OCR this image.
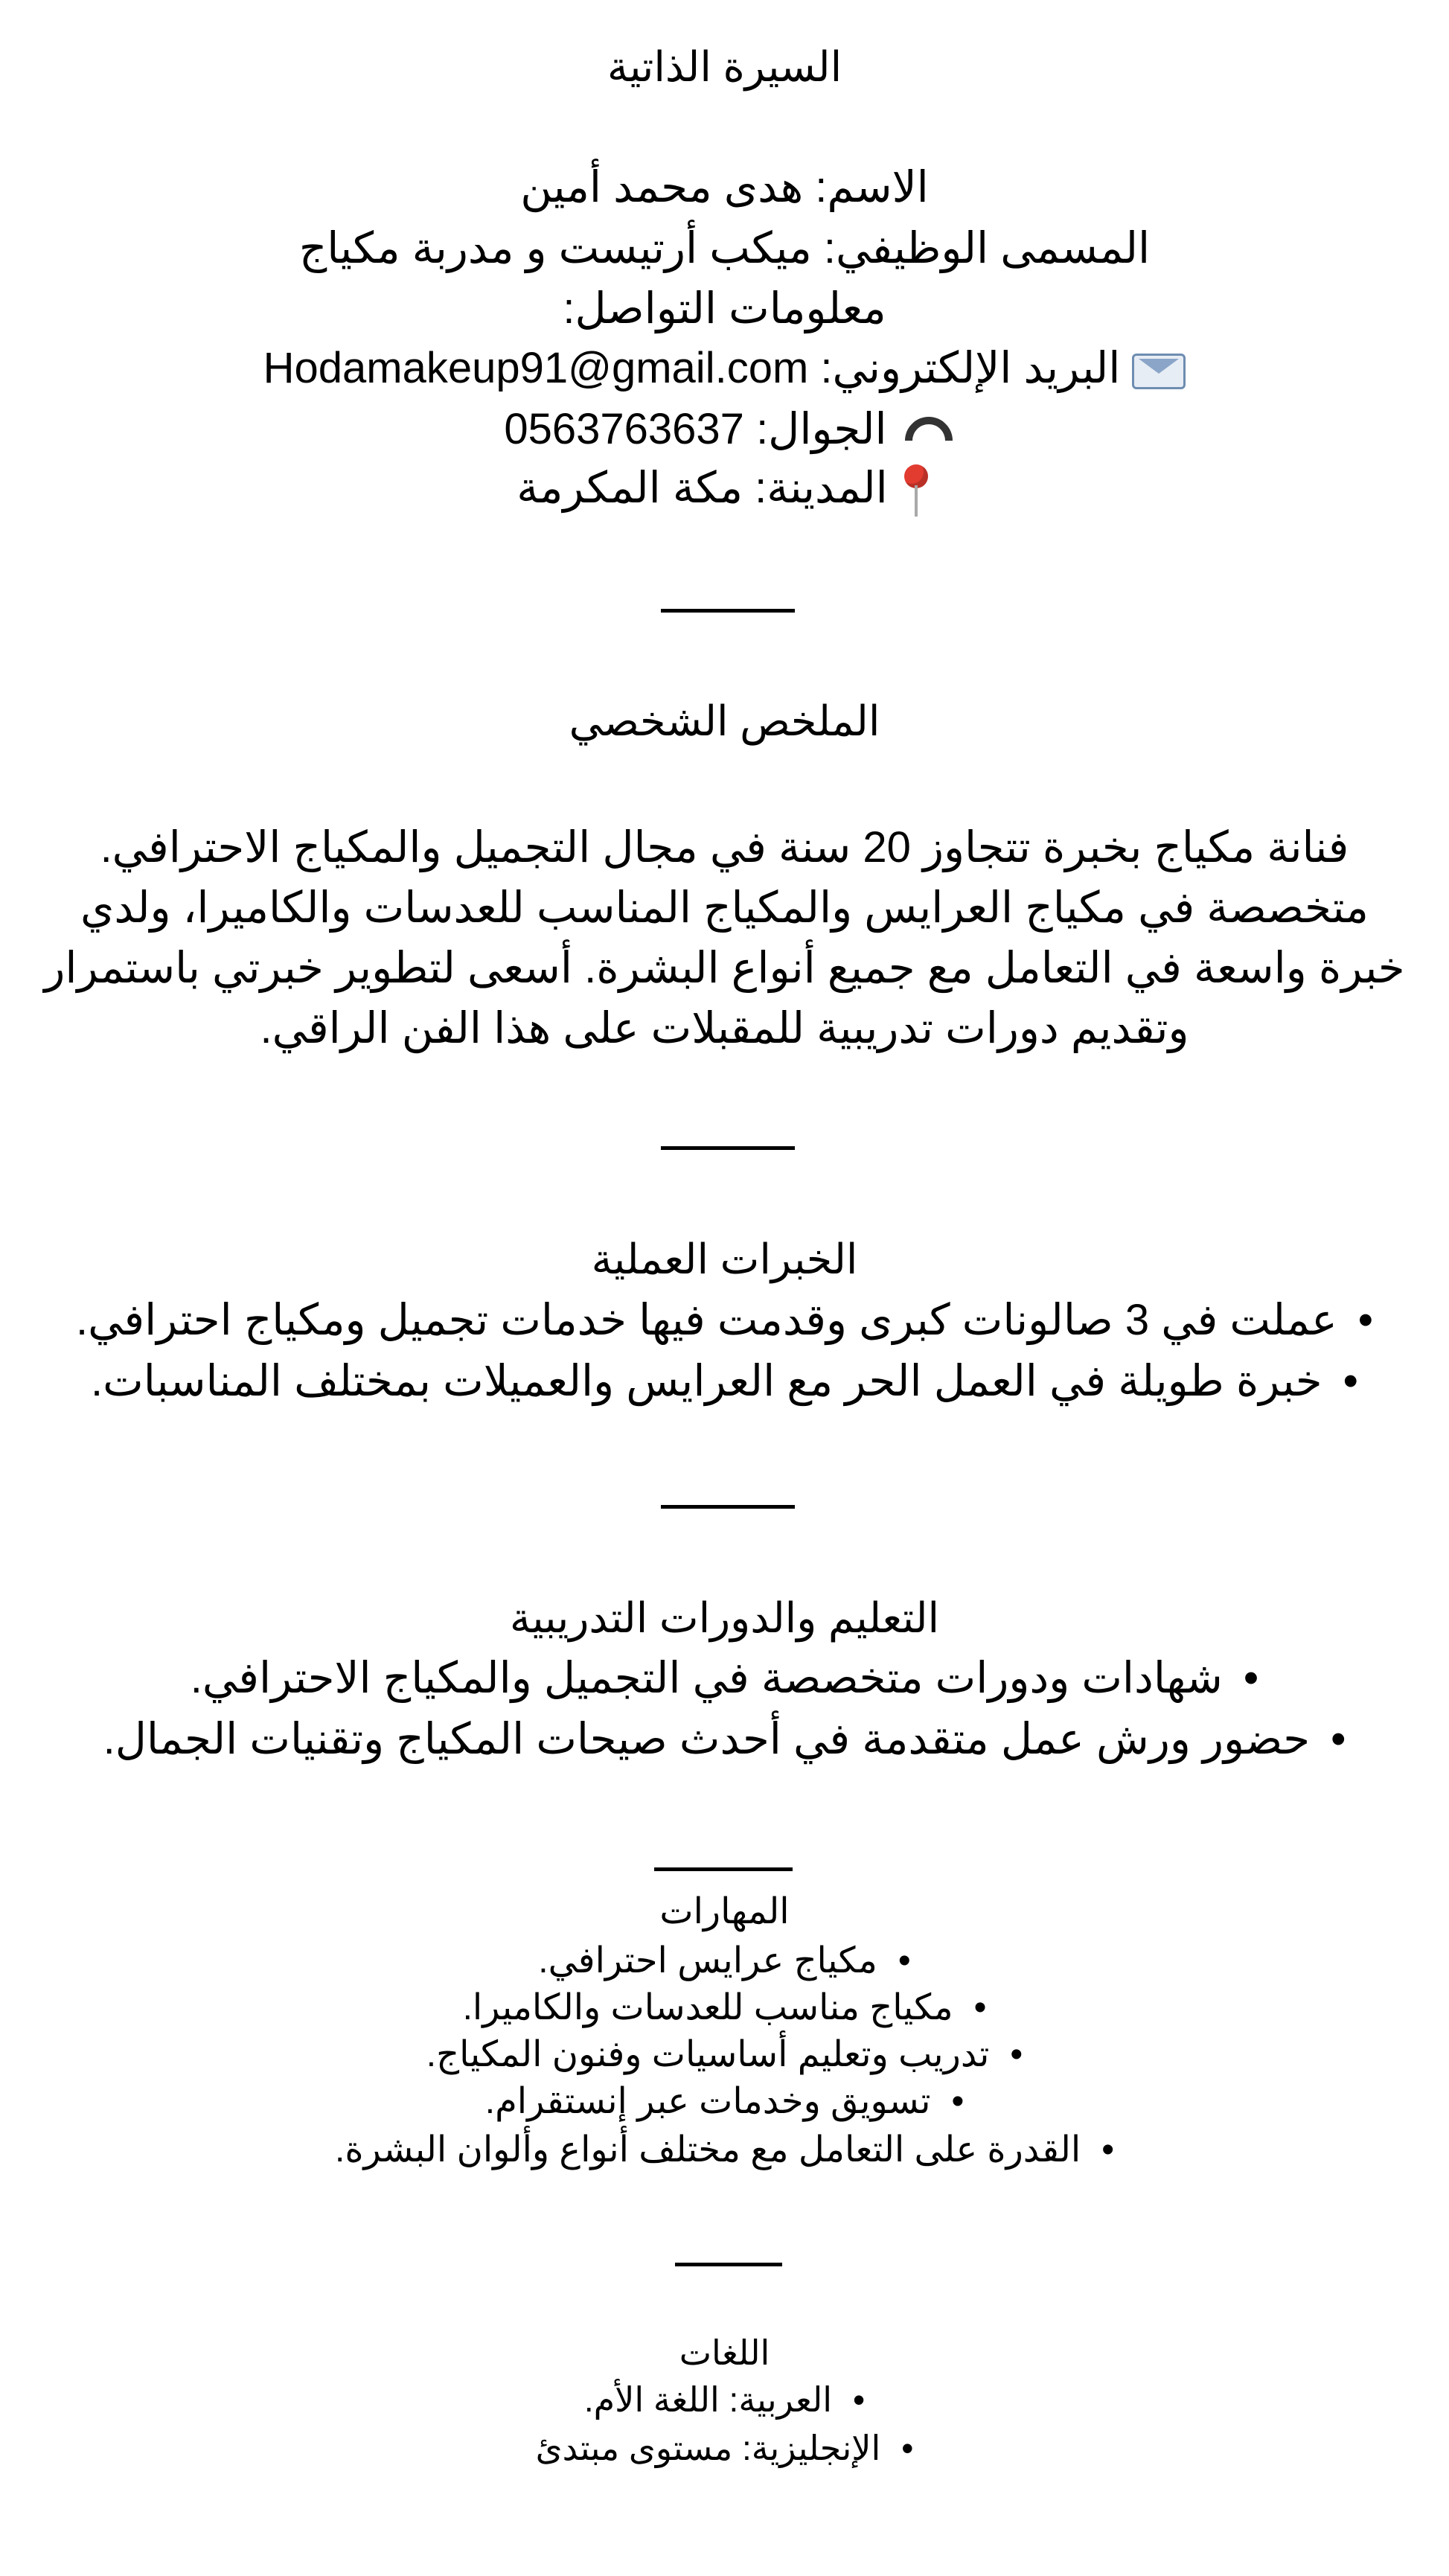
السيرة الذاتية
الاسم: هدى محمد أمين
المسمى الوظيفي: ميكب أرتيست و مدربة مكياج
معلومات التواصل:
البريد الإلكتروني: Hodamakeup91@gmail.com
الجوال: 0563763637
المدينة: مكة المكرمة
الملخص الشخصي
فنانة مكياج بخبرة تتجاوز 20 سنة في مجال التجميل والمكياج الاحترافي. متخصصة في مكياج العرايس والمكياج المناسب للعدسات والكاميرا، ولدي خبرة واسعة في التعامل مع جميع أنواع البشرة. أسعى لتطوير خبرتي باستمرار وتقديم دورات تدريبية للمقبلات على هذا الفن الراقي.
الخبرات العملية
•عملت في 3 صالونات كبرى وقدمت فيها خدمات تجميل ومكياج احترافي.
•خبرة طويلة في العمل الحر مع العرايس والعميلات بمختلف المناسبات.
التعليم والدورات التدريبية
•شهادات ودورات متخصصة في التجميل والمكياج الاحترافي.
•حضور ورش عمل متقدمة في أحدث صيحات المكياج وتقنيات الجمال.
المهارات
•مكياج عرايس احترافي.
•مكياج مناسب للعدسات والكاميرا.
•تدريب وتعليم أساسيات وفنون المكياج.
•تسويق وخدمات عبر إنستقرام.
•القدرة على التعامل مع مختلف أنواع وألوان البشرة.
اللغات
•العربية: اللغة الأم.
•الإنجليزية: مستوى مبتدئ
